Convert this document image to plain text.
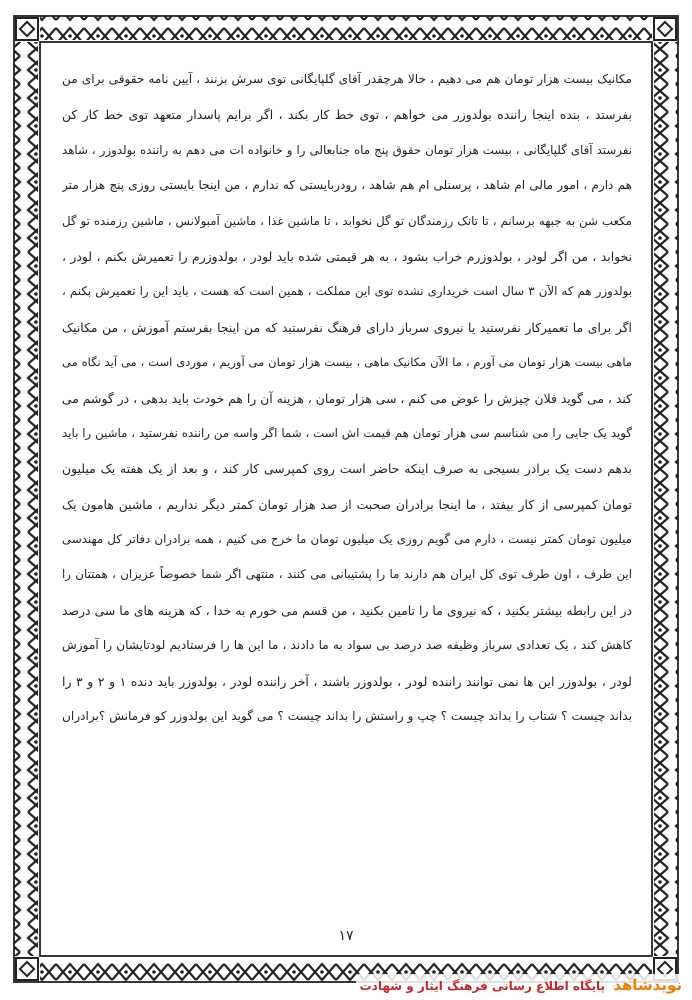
مکانیک بیست هزار تومان هم می دهیم ، حالا هرچقدر آقای گلپایگانی توی سرش بزنند ، آیین نامه حقوقی برای من
بفرستد ، بنده اینجا راننده بولدوزر می خواهم ، توی خط کار بکند ، اگر برایم پاسدار متعهد توی خط کار کن
نفرستد آقای گلپایگانی ، بیست هزار تومان حقوق پنج ماه جنابعالی را و خانواده ات می دهم به راننده بولدوزر ، شاهد
هم دارم ، امور مالی ام شاهد ، پرسنلی ام هم شاهد ، رودربایستی که ندارم ، من اینجا بایستی روزی پنج هزار متر
مکعب شن به جبهه برسانم ، تا تانک رزمندگان تو گل نخوابد ، تا ماشین غذا ، ماشین آمبولانس ، ماشین رزمنده تو گل
نخوابد ، من اگر لودر ، بولدوزرم خراب بشود ، به هر قیمتی شده باید لودر ، بولدوزرم را تعمیرش بکنم ، لودر ،
بولدوزر هم که الآن ۳ سال است خریداری نشده توی این مملکت ، همین است که هست ، باید این را تعمیرش بکنم ،
اگر برای ما تعمیرکار نفرستید یا نیروی سرباز دارای فرهنگ نفرستید که من اینجا بفرستم آموزش ، من مکانیک
ماهی بیست هزار تومان می آورم ، ما الآن مکانیک ماهی ، بیست هزار تومان می آوریم ، موردی است ، می آید نگاه می
کند ، می گوید فلان چیزش را عوض می کنم ، سی هزار تومان ، هزینه آن را هم خودت باید بدهی ، در گوشم می
گوید یک جایی را می شناسم سی هزار تومان هم قیمت اش است ، شما اگر واسه من راننده نفرستید ، ماشین را باید
بدهم دست یک برادر بسیجی به صرف اینکه حاضر است روی کمپرسی کار کند ، و بعد از یک هفته یک میلیون
تومان کمپرسی از کار بیفتد ، ما اینجا برادران صحبت از صد هزار تومان کمتر دیگر نداریم ، ماشین هامون یک
میلیون تومان کمتر نیست ، دارم می گویم روزی یک میلیون تومان ما خرج می کنیم ، همه برادران دفاتر کل مهندسی
این طرف ، اون طرف توی کل ایران هم دارند ما را پشتیبانی می کنند ، منتهی اگر شما خصوصاً عزیزان ، همتتان را
در این رابطه بیشتر بکنید ، که نیروی ما را تامین بکنید ، من قسم می خورم به خدا ، که هزینه های ما سی درصد
کاهش کند ، یک تعدادی سرباز وظیفه صد درصد بی سواد به ما دادند ، ما این ها را فرستادیم لودتایشان را آموزش
لودر ، بولدوزر این ها نمی توانند راننده لودر ، بولدوزر باشند ، آخر راننده لودر ، بولدوزر باید دنده ۱ و ۲ و ۳ را
بداند چیست ؟ شتاب را بداند چیست ؟ چپ و راستش را بداند چیست ؟ می گوید این بولدوزر کو فرمانش ؟برادران
۱۷
نویدشاهد پایگاه اطلاع رسانی فرهنگ ایثار و شهادت
